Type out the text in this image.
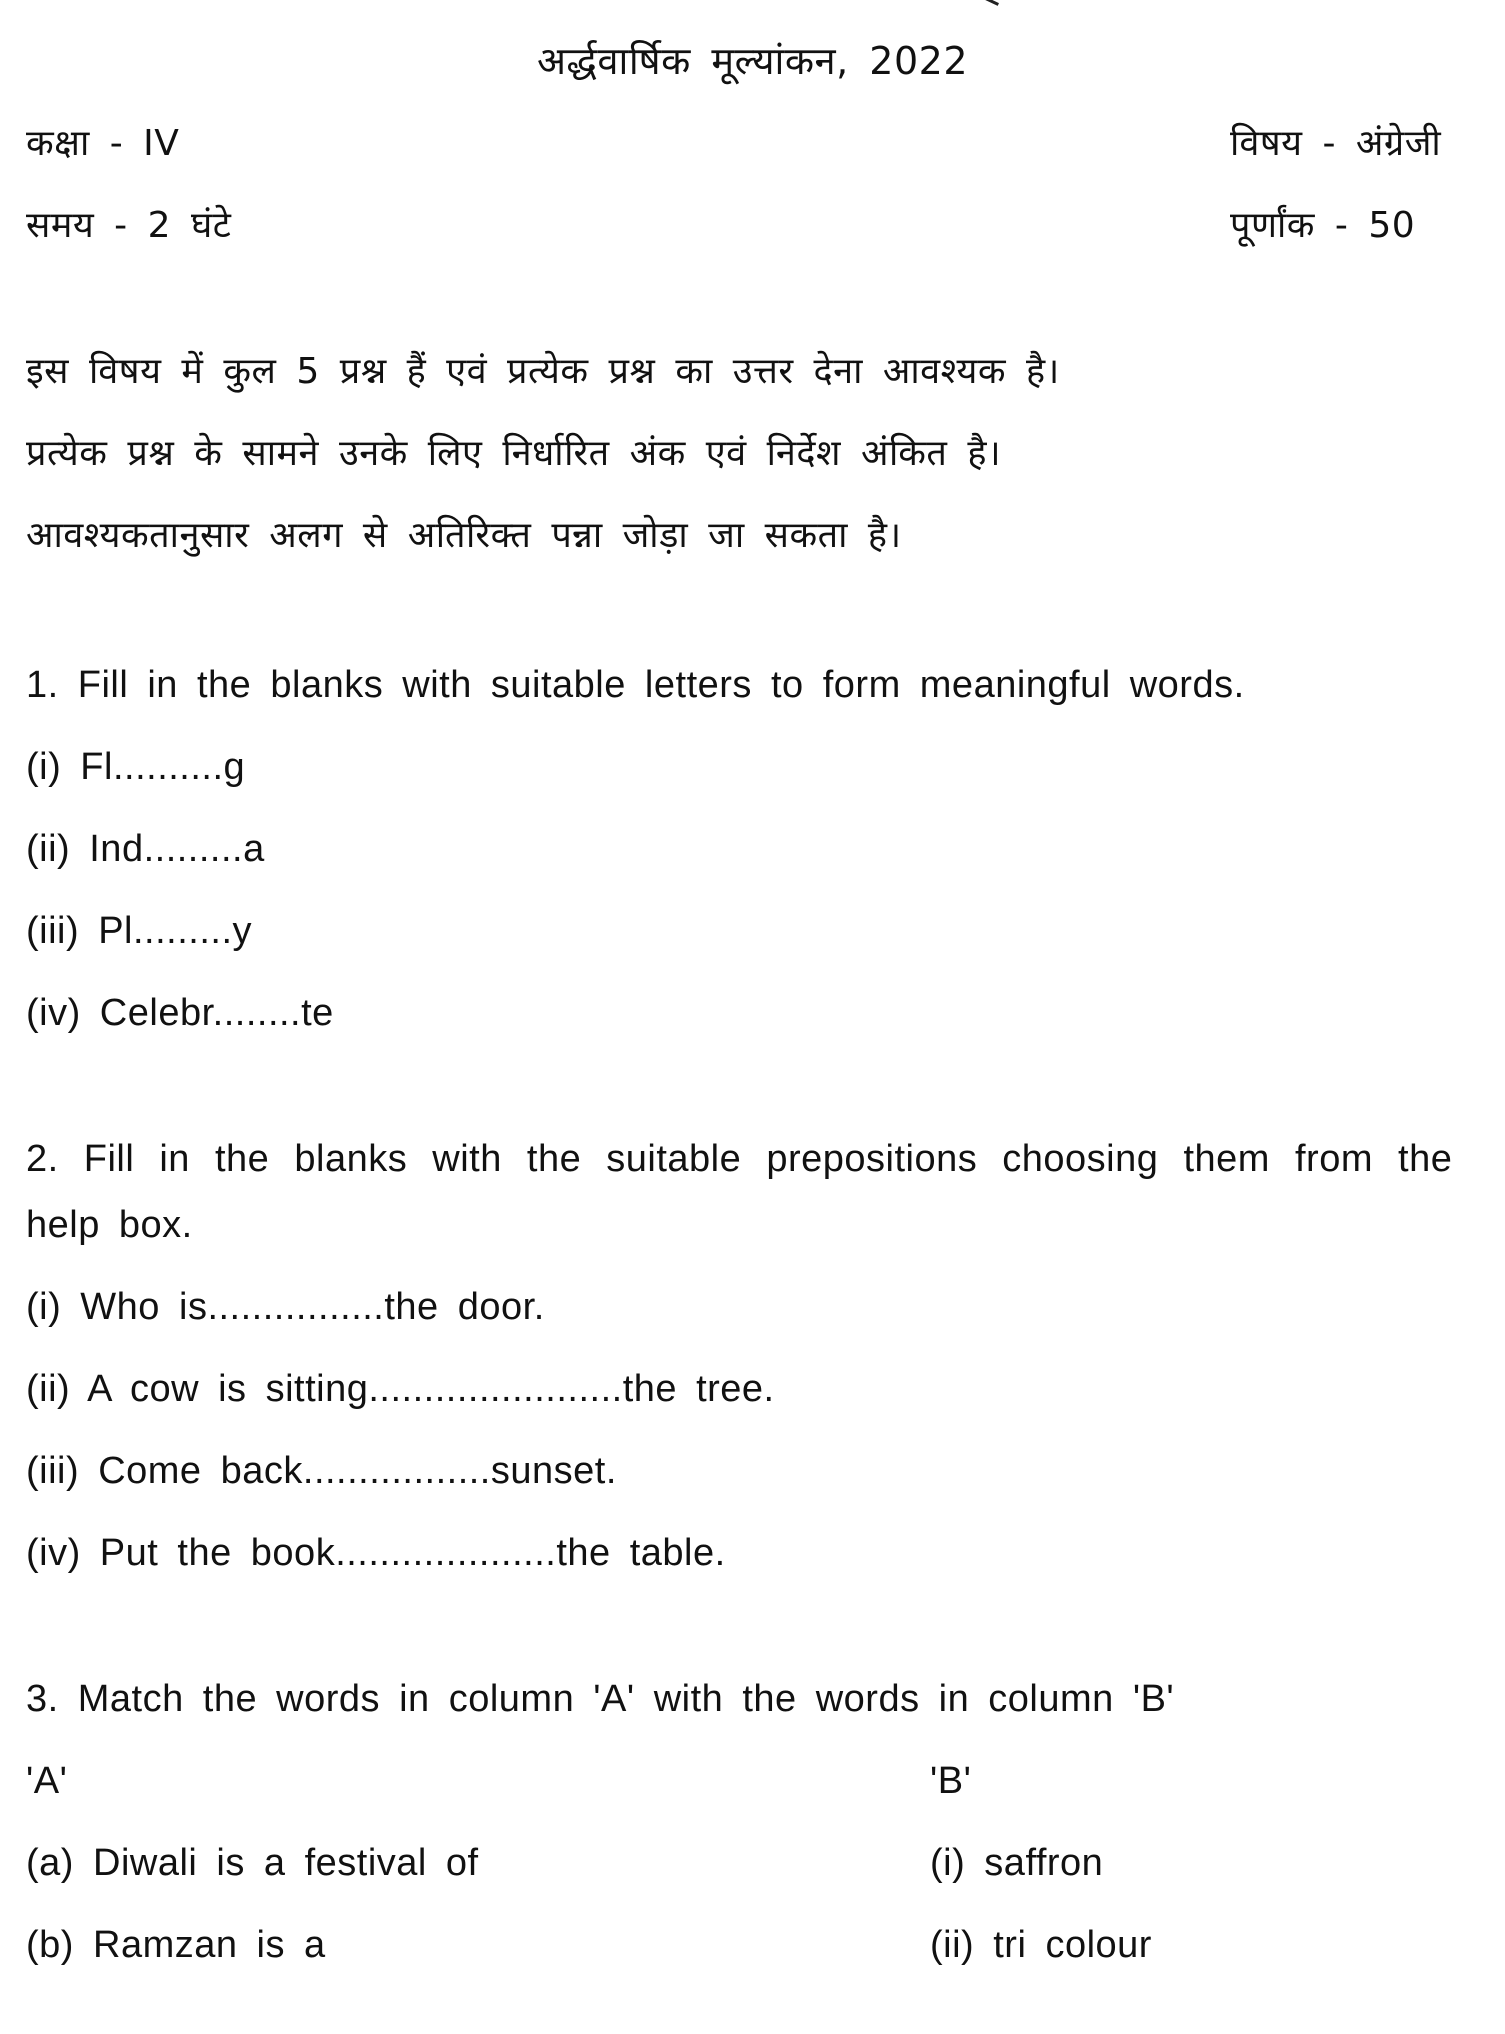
अर्द्धवार्षिक मूल्यांकन, 2022
कक्षा - IV	विषय - अंग्रेजी
समय - 2 घंटे	पूर्णांक - 50
इस विषय में कुल 5 प्रश्न हैं एवं प्रत्येक प्रश्न का उत्तर देना आवश्यक है।
प्रत्येक प्रश्न के सामने उनके लिए निर्धारित अंक एवं निर्देश अंकित है।
आवश्यकतानुसार अलग से अतिरिक्त पन्ना जोड़ा जा सकता है।
1. Fill in the blanks with suitable letters to form meaningful words.
(i) Fl..........g
(ii) Ind.........a
(iii) Pl.........y
(iv) Celebr........te
2. Fill in the blanks with the suitable prepositions choosing them from the
help box.
(i) Who is................the door.
(ii) A cow is sitting.......................the tree.
(iii) Come back.................sunset.
(iv) Put the book....................the table.
3. Match the words in column 'A' with the words in column 'B'
'A'	'B'
(a) Diwali is a festival of	(i) saffron
(b) Ramzan is a	(ii) tri colour
